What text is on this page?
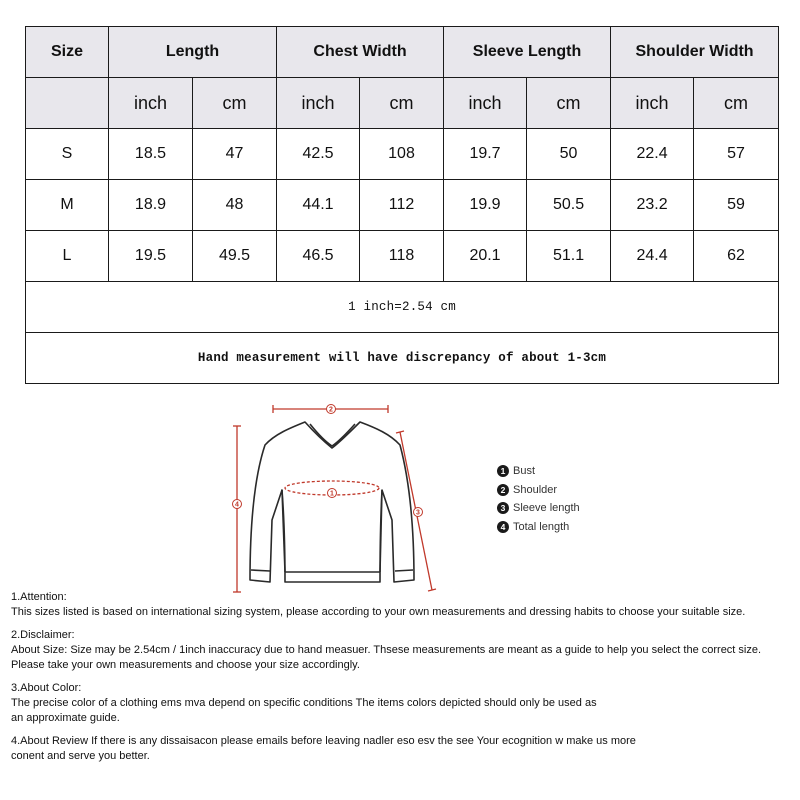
Size	Length		Chest Width		Sleeve Length		Shoulder Width	
	inch	cm	inch	cm	inch	cm	inch	cm
S	18.5	47	42.5	108	19.7	50	22.4	57
M	18.9	48	44.1	112	19.9	50.5	23.2	59
L	19.5	49.5	46.5	118	20.1	51.1	24.4	62
1 inch=2.54 cm								
Hand measurement will have discrepancy of about 1-3cm								
2
1
4
3
1 Bust
2 Shoulder
3 Sleeve length
4 Total length

1.Attention:

This sizes listed is based on international sizing system, please according to your own measurements and dressing habits to choose your suitable size.

2.Disclaimer:

About Size: Size may be 2.54cm / 1inch inaccuracy due to hand measuer. Thsese measurements are meant as a guide to help you select the correct size.

Please take your own measurements and choose your size accordingly.

3.About Color:

The precise color of a clothing ems mva depend on specific conditions The items colors depicted should only be used as

an approximate guide.

4.About Review If there is any dissaisacon please emails before leaving nadler eso esv the see Your ecognition w make us more

conent and serve you better.
